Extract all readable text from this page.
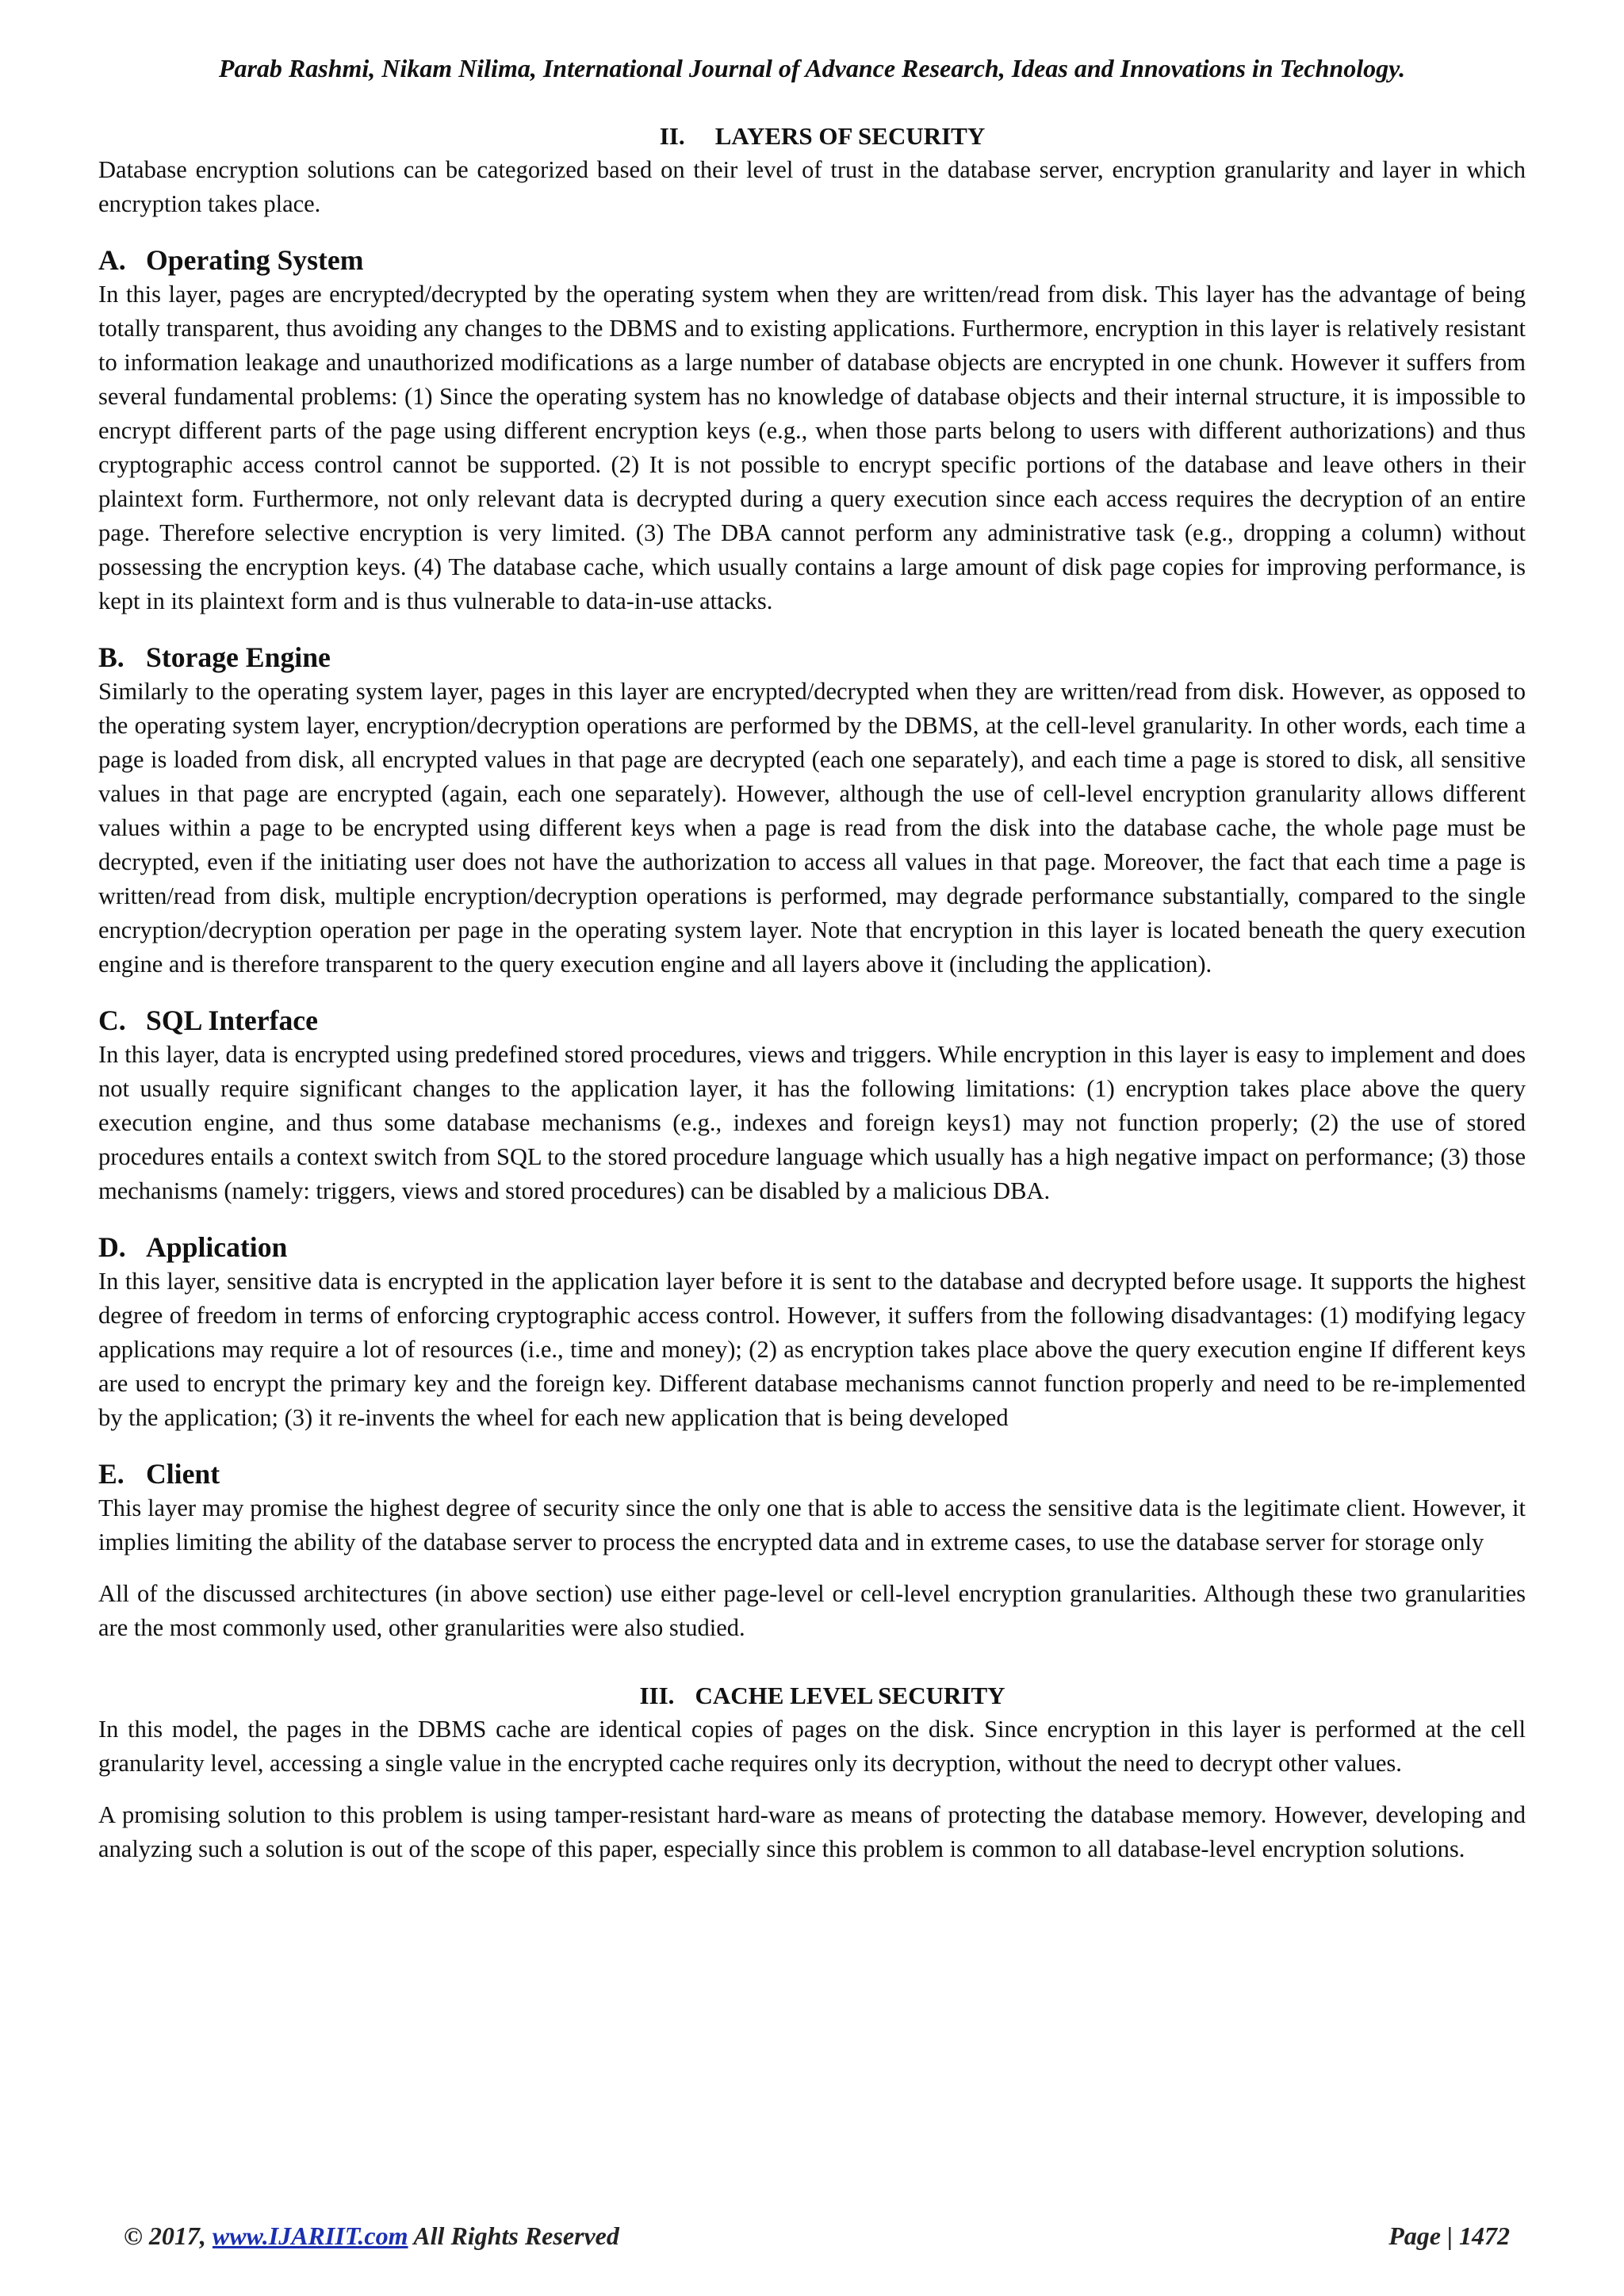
Parab Rashmi, Nikam Nilima, International Journal of Advance Research, Ideas and Innovations in Technology.
II. LAYERS OF SECURITY

Database encryption solutions can be categorized based on their level of trust in the database server, encryption granularity and layer in which encryption takes place.

A. Operating System

In this layer, pages are encrypted/decrypted by the operating system when they are written/read from disk. This layer has the advantage of being totally transparent, thus avoiding any changes to the DBMS and to existing applications. Furthermore, encryption in this layer is relatively resistant to information leakage and unauthorized modifications as a large number of database objects are encrypted in one chunk. However it suffers from several fundamental problems: (1) Since the operating system has no knowledge of database objects and their internal structure, it is impossible to encrypt different parts of the page using different encryption keys (e.g., when those parts belong to users with different authorizations) and thus cryptographic access control cannot be supported. (2) It is not possible to encrypt specific portions of the database and leave others in their plaintext form. Furthermore, not only relevant data is decrypted during a query execution since each access requires the decryption of an entire page. Therefore selective encryption is very limited. (3) The DBA cannot perform any administrative task (e.g., dropping a column) without possessing the encryption keys. (4) The database cache, which usually contains a large amount of disk page copies for improving performance, is kept in its plaintext form and is thus vulnerable to data-in-use attacks.

B. Storage Engine

Similarly to the operating system layer, pages in this layer are encrypted/decrypted when they are written/read from disk. However, as opposed to the operating system layer, encryption/decryption operations are performed by the DBMS, at the cell-level granularity. In other words, each time a page is loaded from disk, all encrypted values in that page are decrypted (each one separately), and each time a page is stored to disk, all sensitive values in that page are encrypted (again, each one separately). However, although the use of cell-level encryption granularity allows different values within a page to be encrypted using different keys when a page is read from the disk into the database cache, the whole page must be decrypted, even if the initiating user does not have the authorization to access all values in that page. Moreover, the fact that each time a page is written/read from disk, multiple encryption/decryption operations is performed, may degrade performance substantially, compared to the single encryption/decryption operation per page in the operating system layer. Note that encryption in this layer is located beneath the query execution engine and is therefore transparent to the query execution engine and all layers above it (including the application).

C. SQL Interface

In this layer, data is encrypted using predefined stored procedures, views and triggers. While encryption in this layer is easy to implement and does not usually require significant changes to the application layer, it has the following limitations: (1) encryption takes place above the query execution engine, and thus some database mechanisms (e.g., indexes and foreign keys1) may not function properly; (2) the use of stored procedures entails a context switch from SQL to the stored procedure language which usually has a high negative impact on performance; (3) those mechanisms (namely: triggers, views and stored procedures) can be disabled by a malicious DBA.

D. Application

In this layer, sensitive data is encrypted in the application layer before it is sent to the database and decrypted before usage. It supports the highest degree of freedom in terms of enforcing cryptographic access control. However, it suffers from the following disadvantages: (1) modifying legacy applications may require a lot of resources (i.e., time and money); (2) as encryption takes place above the query execution engine If different keys are used to encrypt the primary key and the foreign key. Different database mechanisms cannot function properly and need to be re-implemented by the application; (3) it re-invents the wheel for each new application that is being developed

E. Client

This layer may promise the highest degree of security since the only one that is able to access the sensitive data is the legitimate client. However, it implies limiting the ability of the database server to process the encrypted data and in extreme cases, to use the database server for storage only

All of the discussed architectures (in above section) use either page-level or cell-level encryption granularities. Although these two granularities are the most commonly used, other granularities were also studied.

III. CACHE LEVEL SECURITY

In this model, the pages in the DBMS cache are identical copies of pages on the disk. Since encryption in this layer is performed at the cell granularity level, accessing a single value in the encrypted cache requires only its decryption, without the need to decrypt other values.

A promising solution to this problem is using tamper-resistant hard-ware as means of protecting the database memory. However, developing and analyzing such a solution is out of the scope of this paper, especially since this problem is common to all database-level encryption solutions.

© 2017, www.IJARIIT.com All Rights Reserved	Page | 1472
